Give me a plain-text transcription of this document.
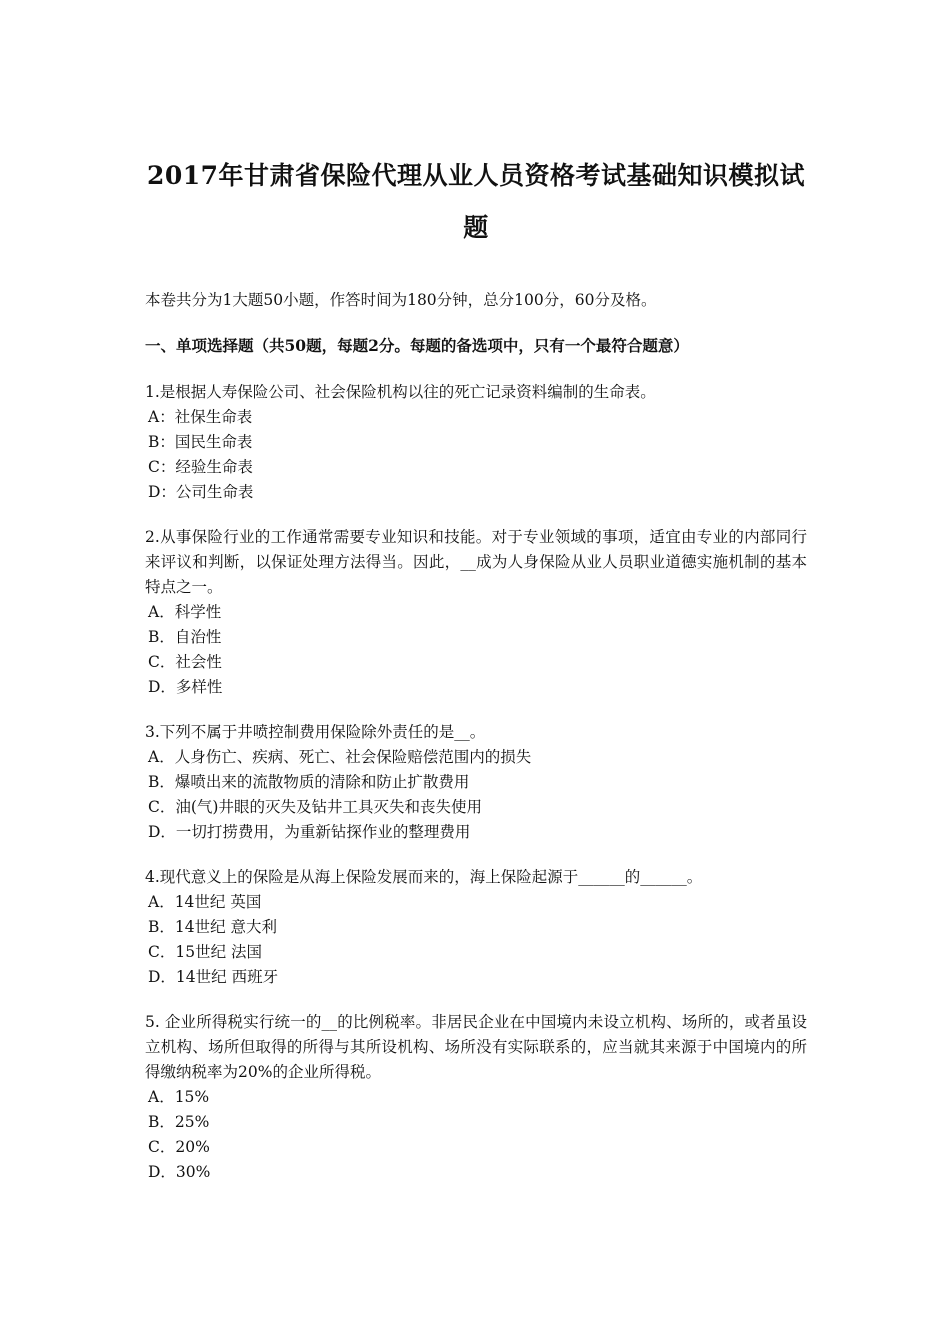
2017年甘肃省保险代理从业人员资格考试基础知识模拟试题

本卷共分为1大题50小题，作答时间为180分钟，总分100分，60分及格。

一、单项选择题（共50题，每题2分。每题的备选项中，只有一个最符合题意）

1.是根据人寿保险公司、社会保险机构以往的死亡记录资料编制的生命表。
A：社保生命表
B：国民生命表
C：经验生命表
D：公司生命表
2.从事保险行业的工作通常需要专业知识和技能。对于专业领域的事项，适宜由专业的内部同行来评议和判断，以保证处理方法得当。因此，__成为人身保险从业人员职业道德实施机制的基本特点之一。
A．科学性
B．自治性
C．社会性
D．多样性
3.下列不属于井喷控制费用保险除外责任的是__。
A．人身伤亡、疾病、死亡、社会保险赔偿范围内的损失
B．爆喷出来的流散物质的清除和防止扩散费用
C．油(气)井眼的灭失及钻井工具灭失和丧失使用
D．一切打捞费用，为重新钻探作业的整理费用
4.现代意义上的保险是从海上保险发展而来的，海上保险起源于______的______。
A．14世纪 英国
B．14世纪 意大利
C．15世纪 法国
D．14世纪 西班牙
5. 企业所得税实行统一的__的比例税率。非居民企业在中国境内未设立机构、场所的，或者虽设立机构、场所但取得的所得与其所设机构、场所没有实际联系的，应当就其来源于中国境内的所得缴纳税率为20%的企业所得税。
A．15%
B．25%
C．20%
D．30%
